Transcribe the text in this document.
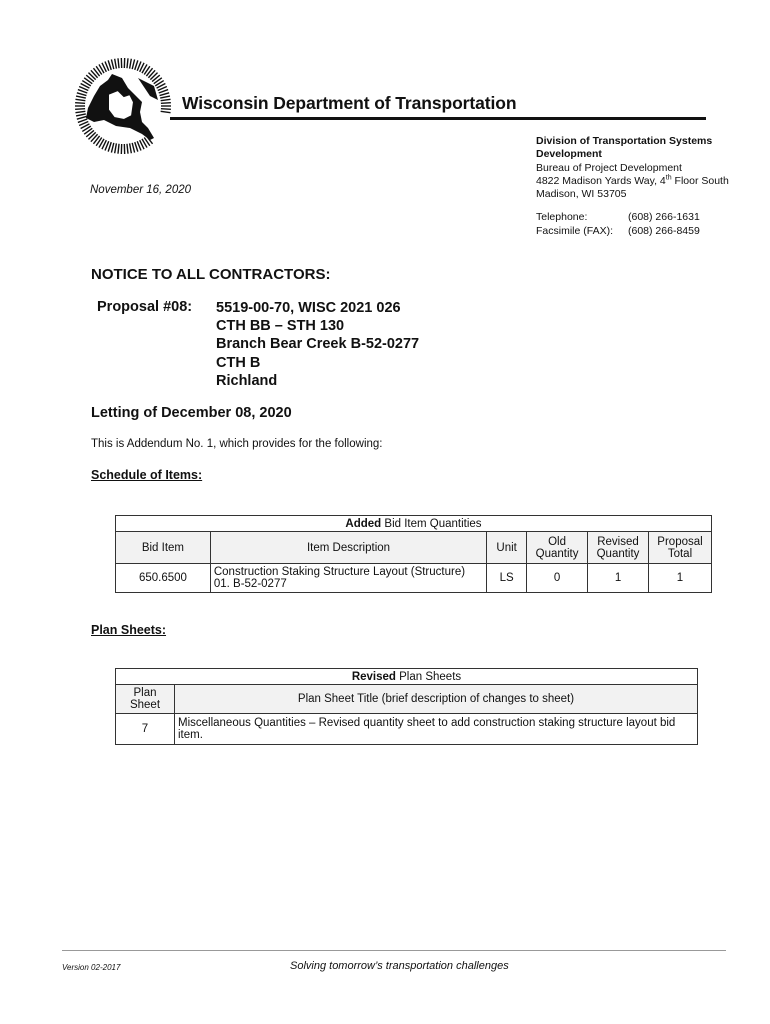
Wisconsin Department of Transportation
Division of Transportation Systems Development
Bureau of Project Development
4822 Madison Yards Way, 4th Floor South
Madison, WI 53705
Telephone:	(608) 266-1631
Facsimile (FAX):	(608) 266-8459
November 16, 2020
NOTICE TO ALL CONTRACTORS:
Proposal #08: 5519-00-70, WISC 2021 026
CTH BB – STH 130
Branch Bear Creek B-52-0277
CTH B
Richland
Letting of December 08, 2020
This is Addendum No. 1, which provides for the following:
Schedule of Items:
Added Bid Item Quantities					
Bid Item	Item Description	Unit	Old Quantity	Revised Quantity	Proposal Total
650.6500	Construction Staking Structure Layout (Structure) 01. B-52-0277	LS	0	1	1
Plan Sheets:
Revised Plan Sheets	
Plan Sheet	Plan Sheet Title (brief description of changes to sheet)
7	Miscellaneous Quantities – Revised quantity sheet to add construction staking structure layout bid item.
Version 02-2017	Solving tomorrow’s transportation challenges
